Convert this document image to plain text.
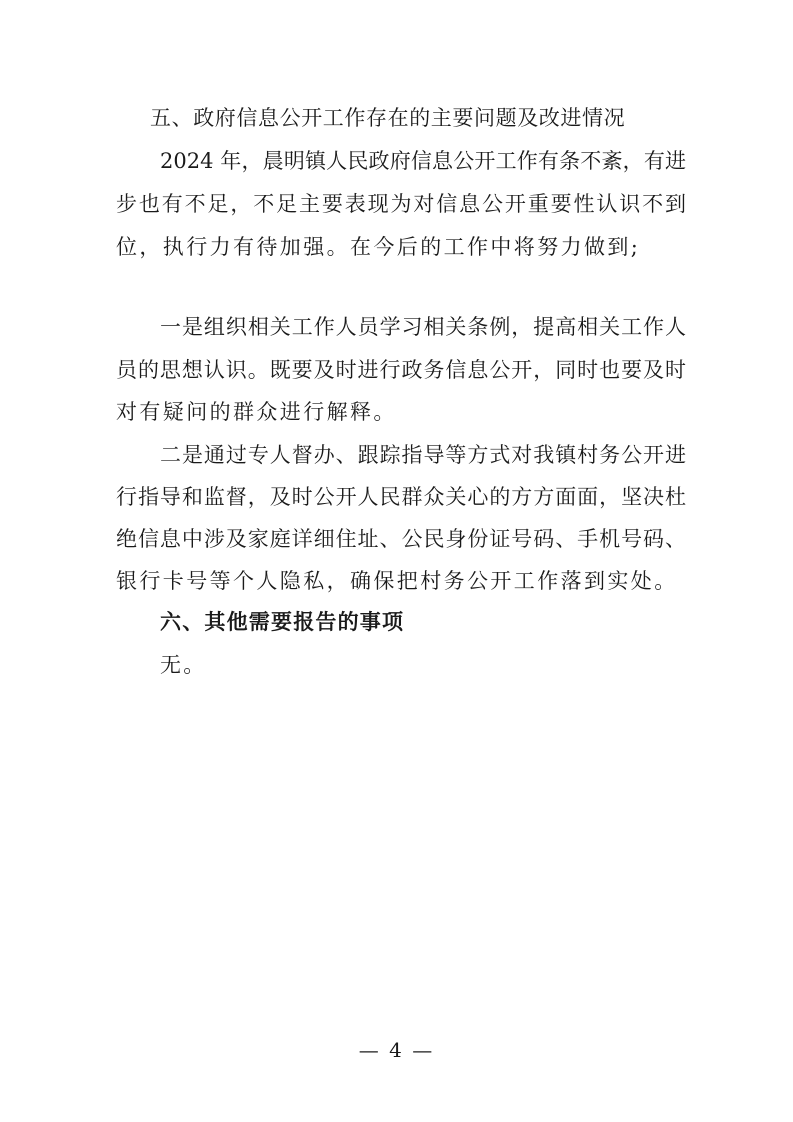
五、政府信息公开工作存在的主要问题及改进情况
2024 年，晨明镇人民政府信息公开工作有条不紊，有进
步也有不足，不足主要表现为对信息公开重要性认识不到
位，执行力有待加强。在今后的工作中将努力做到;
一是组织相关工作人员学习相关条例，提高相关工作人
员的思想认识。既要及时进行政务信息公开，同时也要及时
对有疑问的群众进行解释。
二是通过专人督办、跟踪指导等方式对我镇村务公开进
行指导和监督，及时公开人民群众关心的方方面面，坚决杜
绝信息中涉及家庭详细住址、公民身份证号码、手机号码、
银行卡号等个人隐私，确保把村务公开工作落到实处。
六、其他需要报告的事项
无。
— 4 —
